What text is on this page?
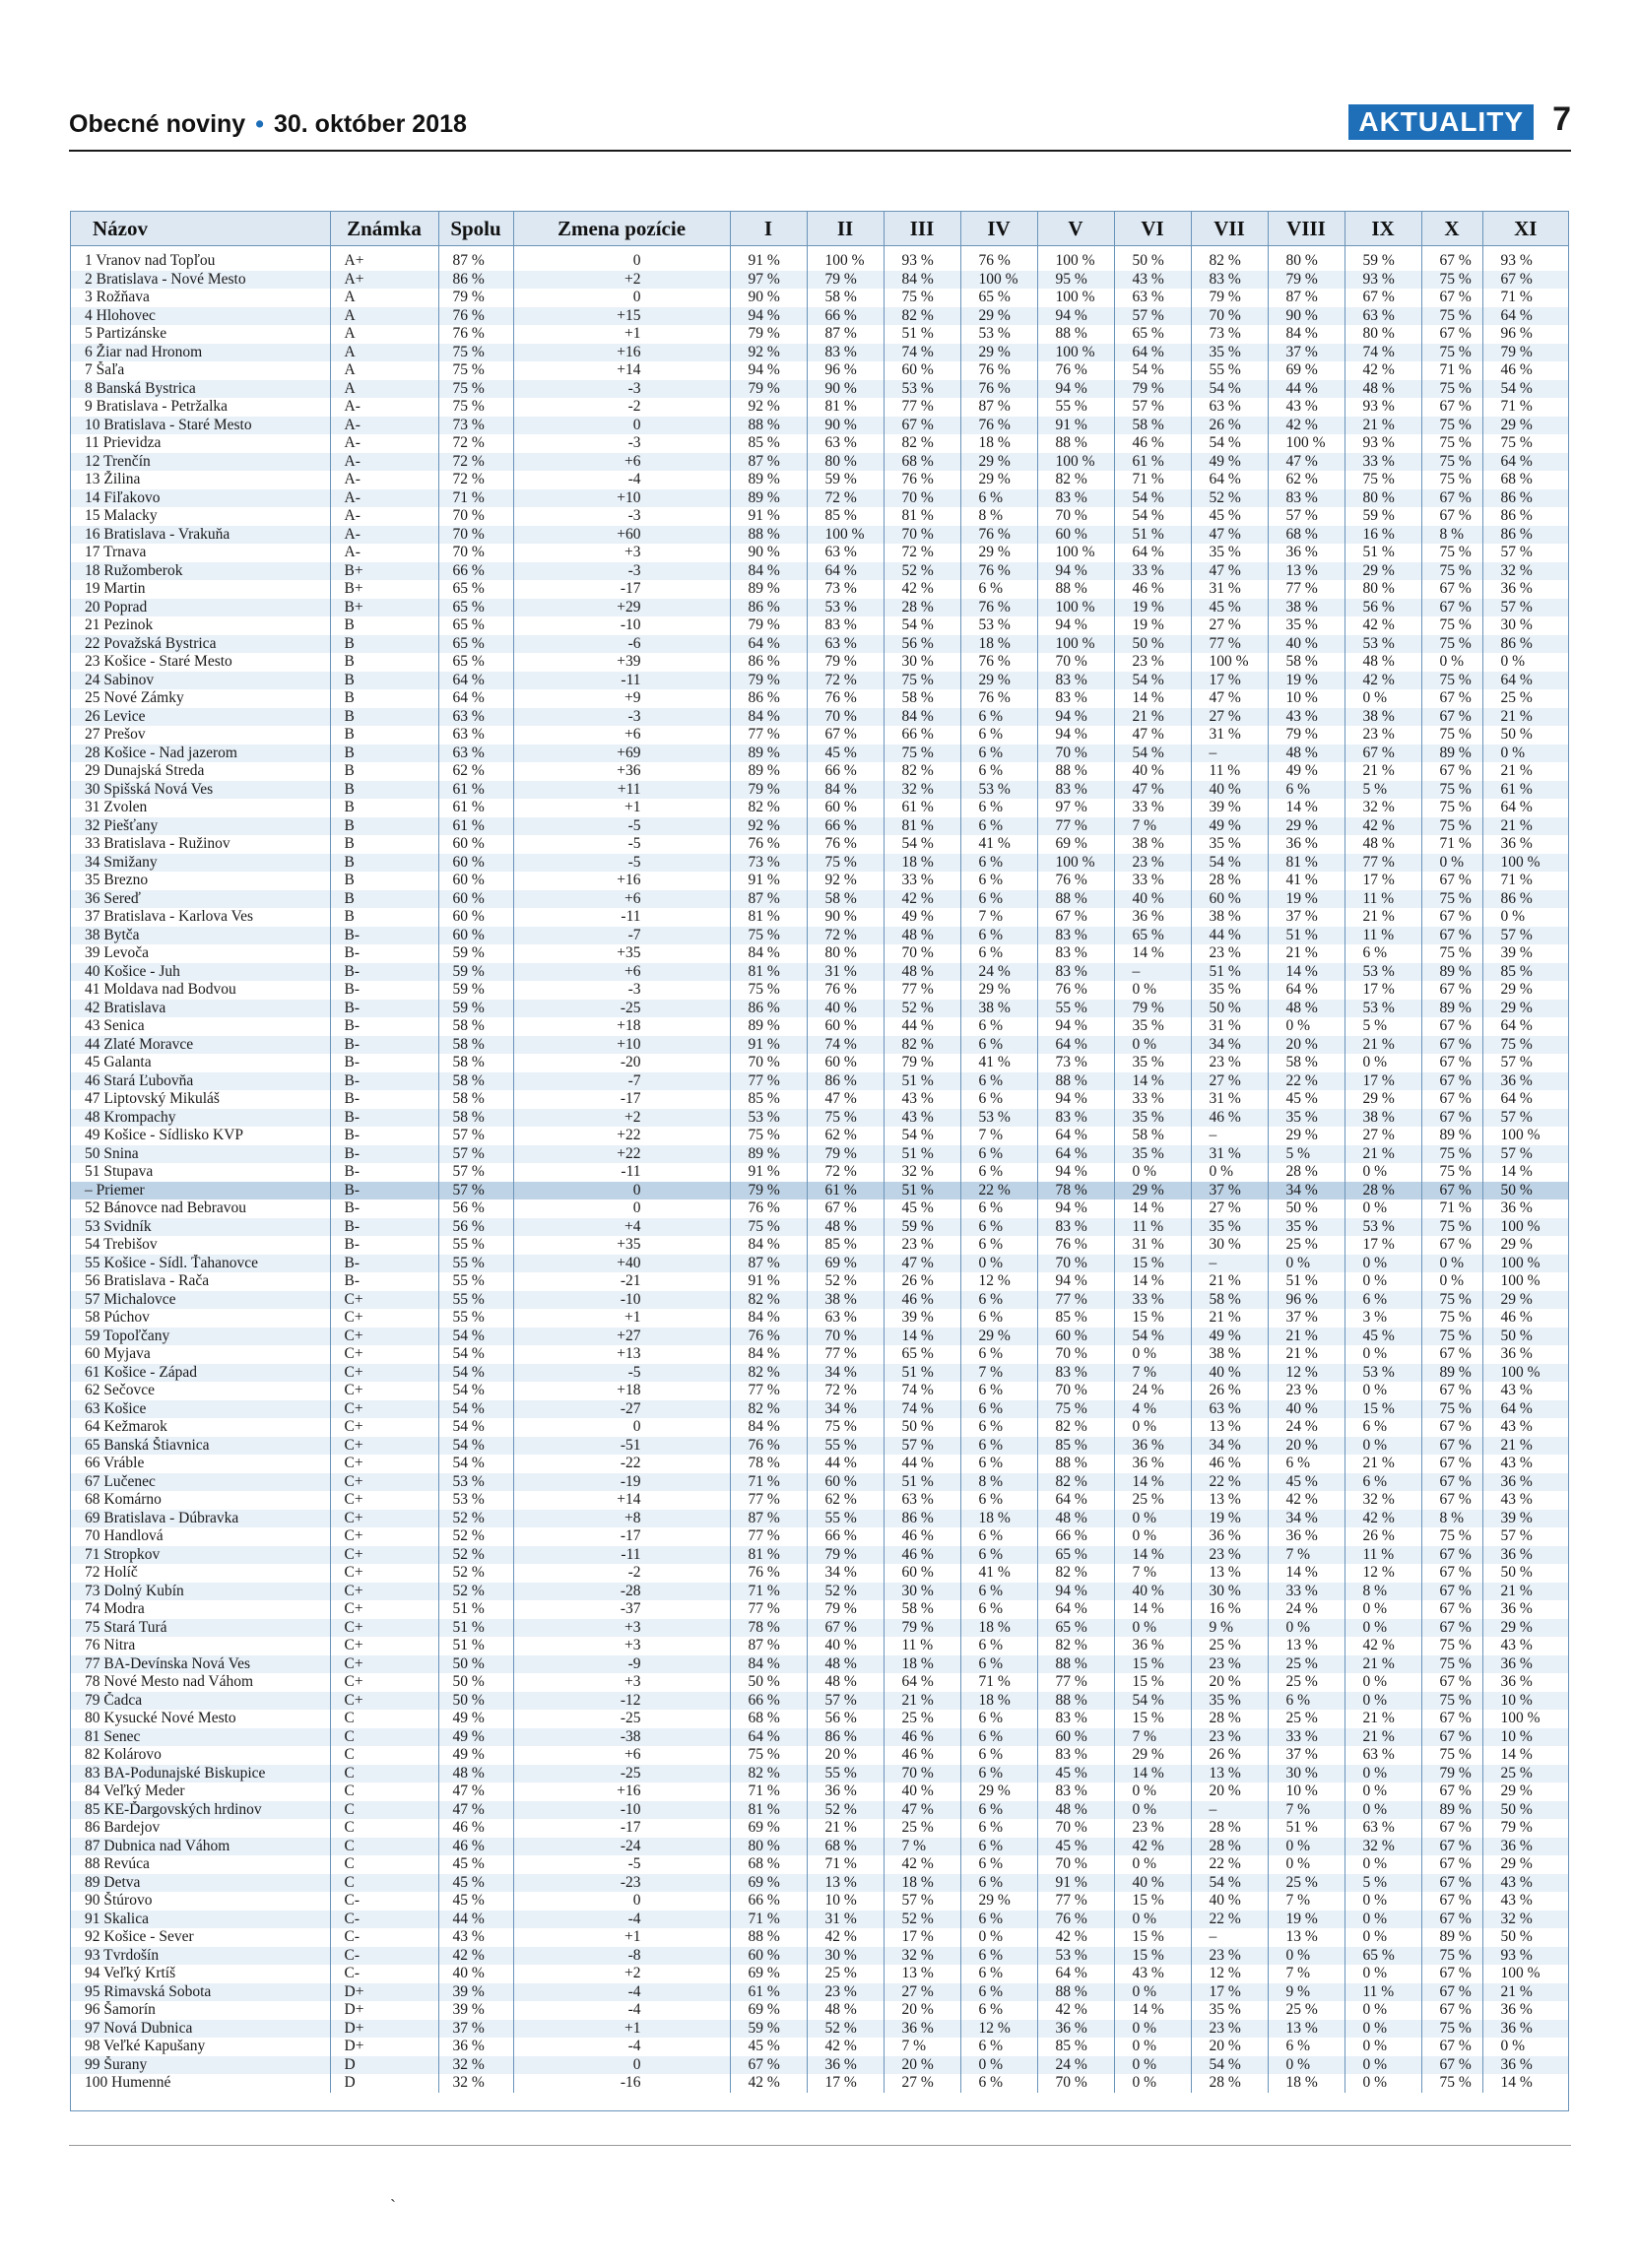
Obecné noviny • 30. október 2018	AKTUALITY 7
Názov	Známka	Spolu	Zmena pozície	I	II	III	IV	V	VI	VII	VIII	IX	X	XI
1 Vranov nad Topľou	A+	87 %	0	91 %	100 %	93 %	76 %	100 %	50 %	82 %	80 %	59 %	67 %	93 %
2 Bratislava - Nové Mesto	A+	86 %	+2	97 %	79 %	84 %	100 %	95 %	43 %	83 %	79 %	93 %	75 %	67 %
3 Rožňava	A	79 %	0	90 %	58 %	75 %	65 %	100 %	63 %	79 %	87 %	67 %	67 %	71 %
4 Hlohovec	A	76 %	+15	94 %	66 %	82 %	29 %	94 %	57 %	70 %	90 %	63 %	75 %	64 %
5 Partizánske	A	76 %	+1	79 %	87 %	51 %	53 %	88 %	65 %	73 %	84 %	80 %	67 %	96 %
6 Žiar nad Hronom	A	75 %	+16	92 %	83 %	74 %	29 %	100 %	64 %	35 %	37 %	74 %	75 %	79 %
7 Šaľa	A	75 %	+14	94 %	96 %	60 %	76 %	76 %	54 %	55 %	69 %	42 %	71 %	46 %
8 Banská Bystrica	A	75 %	-3	79 %	90 %	53 %	76 %	94 %	79 %	54 %	44 %	48 %	75 %	54 %
9 Bratislava - Petržalka	A-	75 %	-2	92 %	81 %	77 %	87 %	55 %	57 %	63 %	43 %	93 %	67 %	71 %
10 Bratislava - Staré Mesto	A-	73 %	0	88 %	90 %	67 %	76 %	91 %	58 %	26 %	42 %	21 %	75 %	29 %
11 Prievidza	A-	72 %	-3	85 %	63 %	82 %	18 %	88 %	46 %	54 %	100 %	93 %	75 %	75 %
12 Trenčín	A-	72 %	+6	87 %	80 %	68 %	29 %	100 %	61 %	49 %	47 %	33 %	75 %	64 %
13 Žilina	A-	72 %	-4	89 %	59 %	76 %	29 %	82 %	71 %	64 %	62 %	75 %	75 %	68 %
14 Fiľakovo	A-	71 %	+10	89 %	72 %	70 %	6 %	83 %	54 %	52 %	83 %	80 %	67 %	86 %
15 Malacky	A-	70 %	-3	91 %	85 %	81 %	8 %	70 %	54 %	45 %	57 %	59 %	67 %	86 %
16 Bratislava - Vrakuňa	A-	70 %	+60	88 %	100 %	70 %	76 %	60 %	51 %	47 %	68 %	16 %	8 %	86 %
17 Trnava	A-	70 %	+3	90 %	63 %	72 %	29 %	100 %	64 %	35 %	36 %	51 %	75 %	57 %
18 Ružomberok	B+	66 %	-3	84 %	64 %	52 %	76 %	94 %	33 %	47 %	13 %	29 %	75 %	32 %
19 Martin	B+	65 %	-17	89 %	73 %	42 %	6 %	88 %	46 %	31 %	77 %	80 %	67 %	36 %
20 Poprad	B+	65 %	+29	86 %	53 %	28 %	76 %	100 %	19 %	45 %	38 %	56 %	67 %	57 %
21 Pezinok	B	65 %	-10	79 %	83 %	54 %	53 %	94 %	19 %	27 %	35 %	42 %	75 %	30 %
22 Považská Bystrica	B	65 %	-6	64 %	63 %	56 %	18 %	100 %	50 %	77 %	40 %	53 %	75 %	86 %
23 Košice - Staré Mesto	B	65 %	+39	86 %	79 %	30 %	76 %	70 %	23 %	100 %	58 %	48 %	0 %	0 %
24 Sabinov	B	64 %	-11	79 %	72 %	75 %	29 %	83 %	54 %	17 %	19 %	42 %	75 %	64 %
25 Nové Zámky	B	64 %	+9	86 %	76 %	58 %	76 %	83 %	14 %	47 %	10 %	0 %	67 %	25 %
26 Levice	B	63 %	-3	84 %	70 %	84 %	6 %	94 %	21 %	27 %	43 %	38 %	67 %	21 %
27 Prešov	B	63 %	+6	77 %	67 %	66 %	6 %	94 %	47 %	31 %	79 %	23 %	75 %	50 %
28 Košice - Nad jazerom	B	63 %	+69	89 %	45 %	75 %	6 %	70 %	54 %	–	48 %	67 %	89 %	0 %
29 Dunajská Streda	B	62 %	+36	89 %	66 %	82 %	6 %	88 %	40 %	11 %	49 %	21 %	67 %	21 %
30 Spišská Nová Ves	B	61 %	+11	79 %	84 %	32 %	53 %	83 %	47 %	40 %	6 %	5 %	75 %	61 %
31 Zvolen	B	61 %	+1	82 %	60 %	61 %	6 %	97 %	33 %	39 %	14 %	32 %	75 %	64 %
32 Piešťany	B	61 %	-5	92 %	66 %	81 %	6 %	77 %	7 %	49 %	29 %	42 %	75 %	21 %
33 Bratislava - Ružinov	B	60 %	-5	76 %	76 %	54 %	41 %	69 %	38 %	35 %	36 %	48 %	71 %	36 %
34 Smižany	B	60 %	-5	73 %	75 %	18 %	6 %	100 %	23 %	54 %	81 %	77 %	0 %	100 %
35 Brezno	B	60 %	+16	91 %	92 %	33 %	6 %	76 %	33 %	28 %	41 %	17 %	67 %	71 %
36 Sereď	B	60 %	+6	87 %	58 %	42 %	6 %	88 %	40 %	60 %	19 %	11 %	75 %	86 %
37 Bratislava - Karlova Ves	B	60 %	-11	81 %	90 %	49 %	7 %	67 %	36 %	38 %	37 %	21 %	67 %	0 %
38 Bytča	B-	60 %	-7	75 %	72 %	48 %	6 %	83 %	65 %	44 %	51 %	11 %	67 %	57 %
39 Levoča	B-	59 %	+35	84 %	80 %	70 %	6 %	83 %	14 %	23 %	21 %	6 %	75 %	39 %
40 Košice - Juh	B-	59 %	+6	81 %	31 %	48 %	24 %	83 %	–	51 %	14 %	53 %	89 %	85 %
41 Moldava nad Bodvou	B-	59 %	-3	75 %	76 %	77 %	29 %	76 %	0 %	35 %	64 %	17 %	67 %	29 %
42 Bratislava	B-	59 %	-25	86 %	40 %	52 %	38 %	55 %	79 %	50 %	48 %	53 %	89 %	29 %
43 Senica	B-	58 %	+18	89 %	60 %	44 %	6 %	94 %	35 %	31 %	0 %	5 %	67 %	64 %
44 Zlaté Moravce	B-	58 %	+10	91 %	74 %	82 %	6 %	64 %	0 %	34 %	20 %	21 %	67 %	75 %
45 Galanta	B-	58 %	-20	70 %	60 %	79 %	41 %	73 %	35 %	23 %	58 %	0 %	67 %	57 %
46 Stará Ľubovňa	B-	58 %	-7	77 %	86 %	51 %	6 %	88 %	14 %	27 %	22 %	17 %	67 %	36 %
47 Liptovský Mikuláš	B-	58 %	-17	85 %	47 %	43 %	6 %	94 %	33 %	31 %	45 %	29 %	67 %	64 %
48 Krompachy	B-	58 %	+2	53 %	75 %	43 %	53 %	83 %	35 %	46 %	35 %	38 %	67 %	57 %
49 Košice - Sídlisko KVP	B-	57 %	+22	75 %	62 %	54 %	7 %	64 %	58 %	–	29 %	27 %	89 %	100 %
50 Snina	B-	57 %	+22	89 %	79 %	51 %	6 %	64 %	35 %	31 %	5 %	21 %	75 %	57 %
51 Stupava	B-	57 %	-11	91 %	72 %	32 %	6 %	94 %	0 %	0 %	28 %	0 %	75 %	14 %
– Priemer	B-	57 %	0	79 %	61 %	51 %	22 %	78 %	29 %	37 %	34 %	28 %	67 %	50 %
52 Bánovce nad Bebravou	B-	56 %	0	76 %	67 %	45 %	6 %	94 %	14 %	27 %	50 %	0 %	71 %	36 %
53 Svidník	B-	56 %	+4	75 %	48 %	59 %	6 %	83 %	11 %	35 %	35 %	53 %	75 %	100 %
54 Trebišov	B-	55 %	+35	84 %	85 %	23 %	6 %	76 %	31 %	30 %	25 %	17 %	67 %	29 %
55 Košice - Sídl. Ťahanovce	B-	55 %	+40	87 %	69 %	47 %	0 %	70 %	15 %	–	0 %	0 %	0 %	100 %
56 Bratislava - Rača	B-	55 %	-21	91 %	52 %	26 %	12 %	94 %	14 %	21 %	51 %	0 %	0 %	100 %
57 Michalovce	C+	55 %	-10	82 %	38 %	46 %	6 %	77 %	33 %	58 %	96 %	6 %	75 %	29 %
58 Púchov	C+	55 %	+1	84 %	63 %	39 %	6 %	85 %	15 %	21 %	37 %	3 %	75 %	46 %
59 Topoľčany	C+	54 %	+27	76 %	70 %	14 %	29 %	60 %	54 %	49 %	21 %	45 %	75 %	50 %
60 Myjava	C+	54 %	+13	84 %	77 %	65 %	6 %	70 %	0 %	38 %	21 %	0 %	67 %	36 %
61 Košice - Západ	C+	54 %	-5	82 %	34 %	51 %	7 %	83 %	7 %	40 %	12 %	53 %	89 %	100 %
62 Sečovce	C+	54 %	+18	77 %	72 %	74 %	6 %	70 %	24 %	26 %	23 %	0 %	67 %	43 %
63 Košice	C+	54 %	-27	82 %	34 %	74 %	6 %	75 %	4 %	63 %	40 %	15 %	75 %	64 %
64 Kežmarok	C+	54 %	0	84 %	75 %	50 %	6 %	82 %	0 %	13 %	24 %	6 %	67 %	43 %
65 Banská Štiavnica	C+	54 %	-51	76 %	55 %	57 %	6 %	85 %	36 %	34 %	20 %	0 %	67 %	21 %
66 Vráble	C+	54 %	-22	78 %	44 %	44 %	6 %	88 %	36 %	46 %	6 %	21 %	67 %	43 %
67 Lučenec	C+	53 %	-19	71 %	60 %	51 %	8 %	82 %	14 %	22 %	45 %	6 %	67 %	36 %
68 Komárno	C+	53 %	+14	77 %	62 %	63 %	6 %	64 %	25 %	13 %	42 %	32 %	67 %	43 %
69 Bratislava - Dúbravka	C+	52 %	+8	87 %	55 %	86 %	18 %	48 %	0 %	19 %	34 %	42 %	8 %	39 %
70 Handlová	C+	52 %	-17	77 %	66 %	46 %	6 %	66 %	0 %	36 %	36 %	26 %	75 %	57 %
71 Stropkov	C+	52 %	-11	81 %	79 %	46 %	6 %	65 %	14 %	23 %	7 %	11 %	67 %	36 %
72 Holíč	C+	52 %	-2	76 %	34 %	60 %	41 %	82 %	7 %	13 %	14 %	12 %	67 %	50 %
73 Dolný Kubín	C+	52 %	-28	71 %	52 %	30 %	6 %	94 %	40 %	30 %	33 %	8 %	67 %	21 %
74 Modra	C+	51 %	-37	77 %	79 %	58 %	6 %	64 %	14 %	16 %	24 %	0 %	67 %	36 %
75 Stará Turá	C+	51 %	+3	78 %	67 %	79 %	18 %	65 %	0 %	9 %	0 %	0 %	67 %	29 %
76 Nitra	C+	51 %	+3	87 %	40 %	11 %	6 %	82 %	36 %	25 %	13 %	42 %	75 %	43 %
77 BA-Devínska Nová Ves	C+	50 %	-9	84 %	48 %	18 %	6 %	88 %	15 %	23 %	25 %	21 %	75 %	36 %
78 Nové Mesto nad Váhom	C+	50 %	+3	50 %	48 %	64 %	71 %	77 %	15 %	20 %	25 %	0 %	67 %	36 %
79 Čadca	C+	50 %	-12	66 %	57 %	21 %	18 %	88 %	54 %	35 %	6 %	0 %	75 %	10 %
80 Kysucké Nové Mesto	C	49 %	-25	68 %	56 %	25 %	6 %	83 %	15 %	28 %	25 %	21 %	67 %	100 %
81 Senec	C	49 %	-38	64 %	86 %	46 %	6 %	60 %	7 %	23 %	33 %	21 %	67 %	10 %
82 Kolárovo	C	49 %	+6	75 %	20 %	46 %	6 %	83 %	29 %	26 %	37 %	63 %	75 %	14 %
83 BA-Podunajské Biskupice	C	48 %	-25	82 %	55 %	70 %	6 %	45 %	14 %	13 %	30 %	0 %	79 %	25 %
84 Veľký Meder	C	47 %	+16	71 %	36 %	40 %	29 %	83 %	0 %	20 %	10 %	0 %	67 %	29 %
85 KE-Ďargovských hrdinov	C	47 %	-10	81 %	52 %	47 %	6 %	48 %	0 %	–	7 %	0 %	89 %	50 %
86 Bardejov	C	46 %	-17	69 %	21 %	25 %	6 %	70 %	23 %	28 %	51 %	63 %	67 %	79 %
87 Dubnica nad Váhom	C	46 %	-24	80 %	68 %	7 %	6 %	45 %	42 %	28 %	0 %	32 %	67 %	36 %
88 Revúca	C	45 %	-5	68 %	71 %	42 %	6 %	70 %	0 %	22 %	0 %	0 %	67 %	29 %
89 Detva	C	45 %	-23	69 %	13 %	18 %	6 %	91 %	40 %	54 %	25 %	5 %	67 %	43 %
90 Štúrovo	C-	45 %	0	66 %	10 %	57 %	29 %	77 %	15 %	40 %	7 %	0 %	67 %	43 %
91 Skalica	C-	44 %	-4	71 %	31 %	52 %	6 %	76 %	0 %	22 %	19 %	0 %	67 %	32 %
92 Košice - Sever	C-	43 %	+1	88 %	42 %	17 %	0 %	42 %	15 %	–	13 %	0 %	89 %	50 %
93 Tvrdošín	C-	42 %	-8	60 %	30 %	32 %	6 %	53 %	15 %	23 %	0 %	65 %	75 %	93 %
94 Veľký Krtíš	C-	40 %	+2	69 %	25 %	13 %	6 %	64 %	43 %	12 %	7 %	0 %	67 %	100 %
95 Rimavská Sobota	D+	39 %	-4	61 %	23 %	27 %	6 %	88 %	0 %	17 %	9 %	11 %	67 %	21 %
96 Šamorín	D+	39 %	-4	69 %	48 %	20 %	6 %	42 %	14 %	35 %	25 %	0 %	67 %	36 %
97 Nová Dubnica	D+	37 %	+1	59 %	52 %	36 %	12 %	36 %	0 %	23 %	13 %	0 %	75 %	36 %
98 Veľké Kapušany	D+	36 %	-4	45 %	42 %	7 %	6 %	85 %	0 %	20 %	6 %	0 %	67 %	0 %
99 Šurany	D	32 %	0	67 %	36 %	20 %	0 %	24 %	0 %	54 %	0 %	0 %	67 %	36 %
100 Humenné	D	32 %	-16	42 %	17 %	27 %	6 %	70 %	0 %	28 %	18 %	0 %	75 %	14 %
`
